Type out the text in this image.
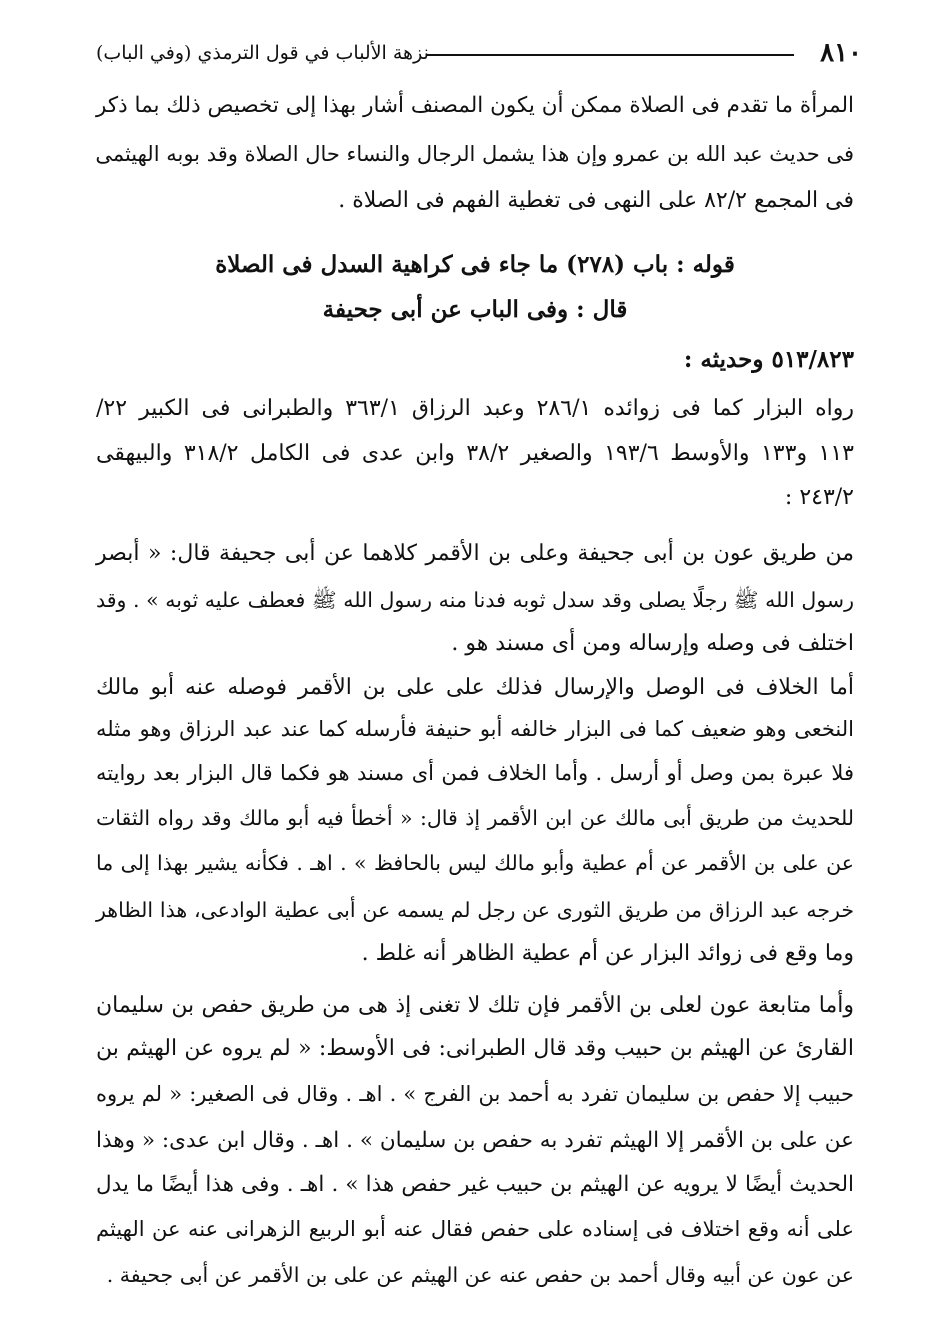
٨١٠
نزهة الألباب في قول الترمذي (وفي الباب)
المرأة ما تقدم فى الصلاة ممكن أن يكون المصنف أشار بهذا إلى تخصيص ذلك بما ذكر
فى حديث عبد الله بن عمرو وإن هذا يشمل الرجال والنساء حال الصلاة وقد بوبه الهيثمى
فى المجمع ٨٢/٢ على النهى فى تغطية الفهم فى الصلاة .
قوله : باب (٢٧٨) ما جاء فى كراهية السدل فى الصلاة
قال : وفى الباب عن أبى جحيفة
٥١٣/٨٢٣ وحديثه :
رواه البزار كما فى زوائده ٢٨٦/١ وعبد الرزاق ٣٦٣/١ والطبرانى فى الكبير ٢٢/
١١٣ و١٣٣ والأوسط ١٩٣/٦ والصغير ٣٨/٢ وابن عدى فى الكامل ٣١٨/٢ والبيهقى
٢٤٣/٢ :
من طريق عون بن أبى جحيفة وعلى بن الأقمر كلاهما عن أبى جحيفة قال: « أبصر
رسول الله ﷺ رجلًا يصلى وقد سدل ثوبه فدنا منه رسول الله ﷺ فعطف عليه ثوبه » . وقد
اختلف فى وصله وإرساله ومن أى مسند هو .
أما الخلاف فى الوصل والإرسال فذلك على على بن الأقمر فوصله عنه أبو مالك
النخعى وهو ضعيف كما فى البزار خالفه أبو حنيفة فأرسله كما عند عبد الرزاق وهو مثله
فلا عبرة بمن وصل أو أرسل . وأما الخلاف فمن أى مسند هو فكما قال البزار بعد روايته
للحديث من طريق أبى مالك عن ابن الأقمر إذ قال: « أخطأ فيه أبو مالك وقد رواه الثقات
عن على بن الأقمر عن أم عطية وأبو مالك ليس بالحافظ » . اهـ . فكأنه يشير بهذا إلى ما
خرجه عبد الرزاق من طريق الثورى عن رجل لم يسمه عن أبى عطية الوادعى، هذا الظاهر
وما وقع فى زوائد البزار عن أم عطية الظاهر أنه غلط .
وأما متابعة عون لعلى بن الأقمر فإن تلك لا تغنى إذ هى من طريق حفص بن سليمان
القارئ عن الهيثم بن حبيب وقد قال الطبرانى: فى الأوسط: « لم يروه عن الهيثم بن
حبيب إلا حفص بن سليمان تفرد به أحمد بن الفرج » . اهـ . وقال فى الصغير: « لم يروه
عن على بن الأقمر إلا الهيثم تفرد به حفص بن سليمان » . اهـ . وقال ابن عدى: « وهذا
الحديث أيضًا لا يرويه عن الهيثم بن حبيب غير حفص هذا » . اهـ . وفى هذا أيضًا ما يدل
على أنه وقع اختلاف فى إسناده على حفص فقال عنه أبو الربيع الزهرانى عنه عن الهيثم
عن عون عن أبيه وقال أحمد بن حفص عنه عن الهيثم عن على بن الأقمر عن أبى جحيفة .
